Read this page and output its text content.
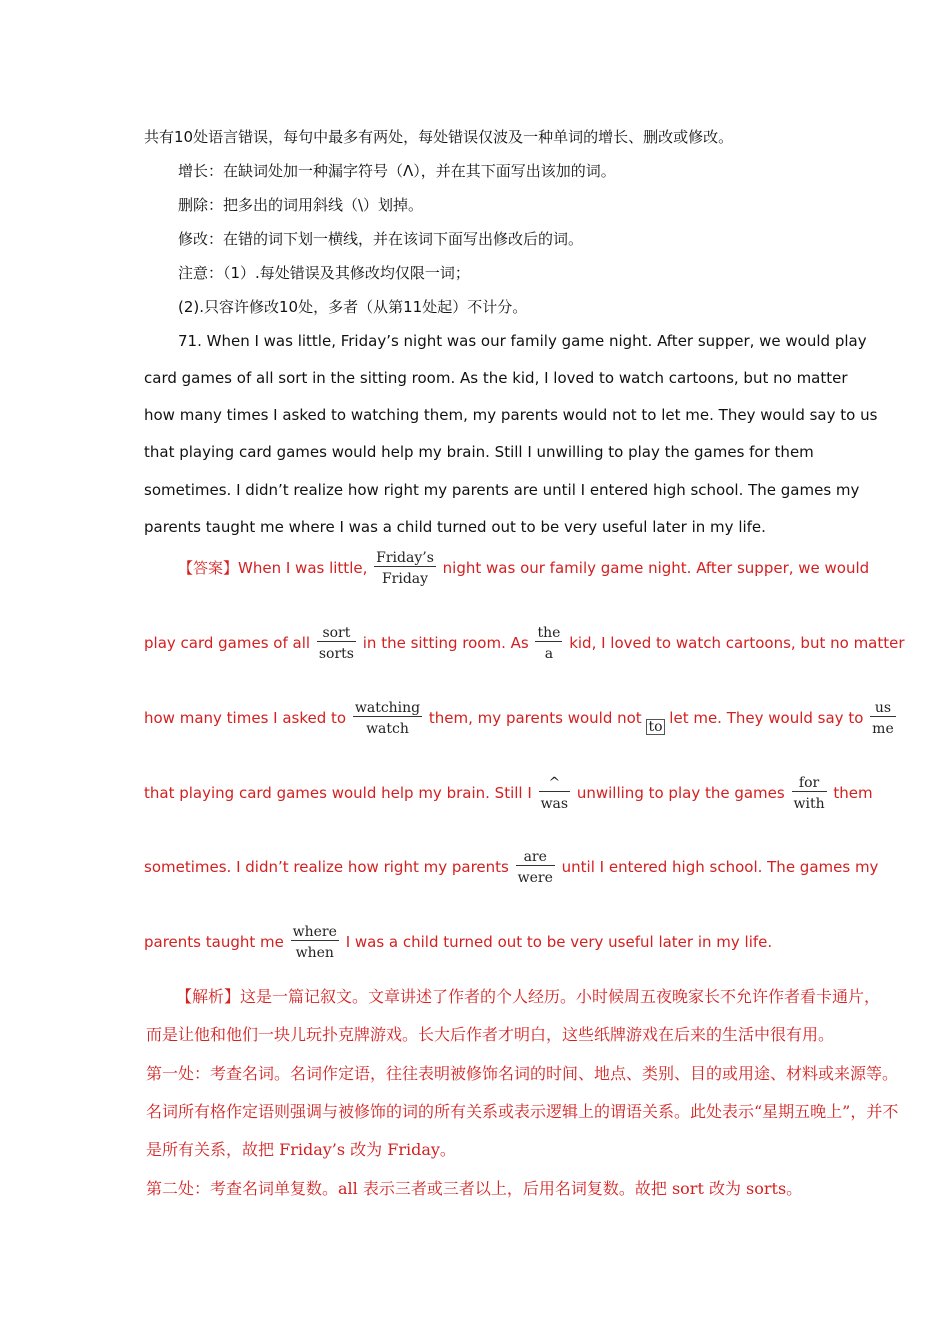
共有10处语言错误，每句中最多有两处，每处错误仅波及一种单词的增长、删改或修改。
增长：在缺词处加一种漏字符号（Λ），并在其下面写出该加的词。
删除：把多出的词用斜线（\）划掉。
修改：在错的词下划一横线，并在该词下面写出修改后的词。
注意：（1）.每处错误及其修改均仅限一词；
(2).只容许修改10处，多者（从第11处起）不计分。
71. When I was little, Friday’s night was our family game night. After supper, we would play
card games of all sort in the sitting room. As the kid, I loved to watch cartoons, but no matter
how many times I asked to watching them, my parents would not to let me. They would say to us
that playing card games would help my brain. Still I unwilling to play the games for them
sometimes. I didn’t realize how right my parents are until I entered high school. The games my
parents taught me where I was a child turned out to be very useful later in my life.
【答案】When I was little,
Friday’s
Friday
night was our family game night. After supper, we would
play card games of all
sort
sorts
in the sitting room. As
the
a
kid, I loved to watch cartoons, but no matter
how many times I asked to
watching
watch
them, my parents would not to let me. They would say to $\frac{us}{me}$
that playing card games would help my brain. Still I
^
was
unwilling to play the games
for
with
them
sometimes. I didn’t realize how right my parents
are
were
until I entered high school. The games my
parents taught me
where
when
I was a child turned out to be very useful later in my life.
【解析】这是一篇记叙文。文章讲述了作者的个人经历。小时候周五夜晚家长不允许作者看卡通片，
而是让他和他们一块儿玩扑克牌游戏。长大后作者才明白，这些纸牌游戏在后来的生活中很有用。
第一处：考查名词。名词作定语，往往表明被修饰名词的时间、地点、类别、目的或用途、材料或来源等。
名词所有格作定语则强调与被修饰的词的所有关系或表示逻辑上的谓语关系。此处表示“星期五晚上”，并不
是所有关系，故把 Friday’s 改为 Friday。
第二处：考查名词单复数。all 表示三者或三者以上，后用名词复数。故把 sort 改为 sorts。
